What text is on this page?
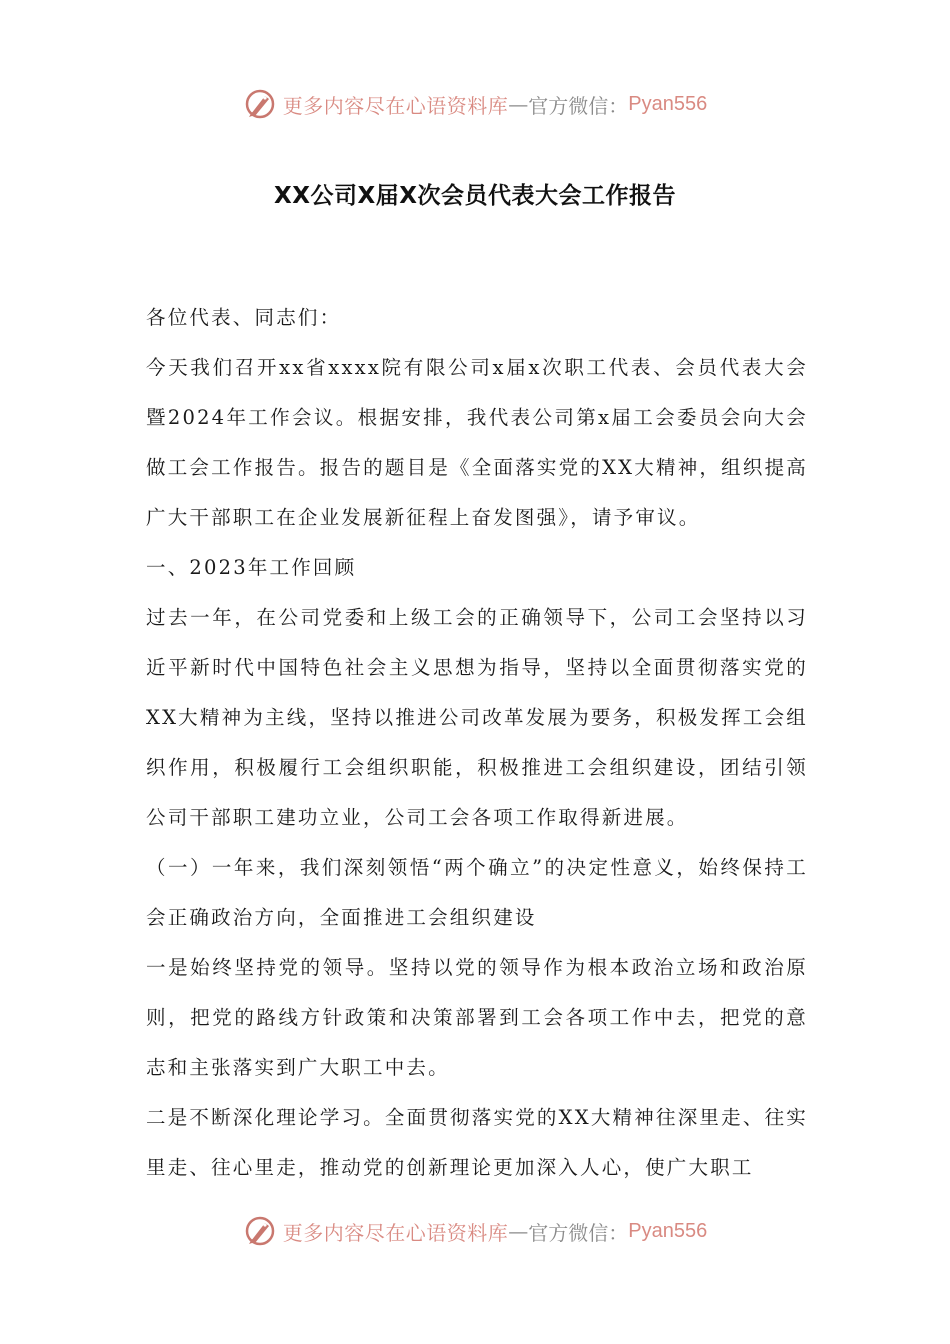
更多内容尽在心语资料库 — 官方微信： Pyan556
XX公司X届X次会员代表大会工作报告

各位代表、同志们：

今天我们召开xx省xxxx院有限公司x届x次职工代表、会员代表大会暨2024年工作会议。根据安排，我代表公司第x届工会委员会向大会做工会工作报告。报告的题目是《全面落实党的XX大精神，组织提高广大干部职工在企业发展新征程上奋发图强》，请予审议。

一、2023年工作回顾

过去一年，在公司党委和上级工会的正确领导下，公司工会坚持以习近平新时代中国特色社会主义思想为指导，坚持以全面贯彻落实党的XX大精神为主线，坚持以推进公司改革发展为要务，积极发挥工会组织作用，积极履行工会组织职能，积极推进工会组织建设，团结引领公司干部职工建功立业，公司工会各项工作取得新进展。

（一）一年来，我们深刻领悟“两个确立”的决定性意义，始终保持工会正确政治方向，全面推进工会组织建设

一是始终坚持党的领导。坚持以党的领导作为根本政治立场和政治原则，把党的路线方针政策和决策部署到工会各项工作中去，把党的意志和主张落实到广大职工中去。

二是不断深化理论学习。全面贯彻落实党的XX大精神往深里走、往实里走、往心里走，推动党的创新理论更加深入人心，使广大职工

更多内容尽在心语资料库 — 官方微信： Pyan556
